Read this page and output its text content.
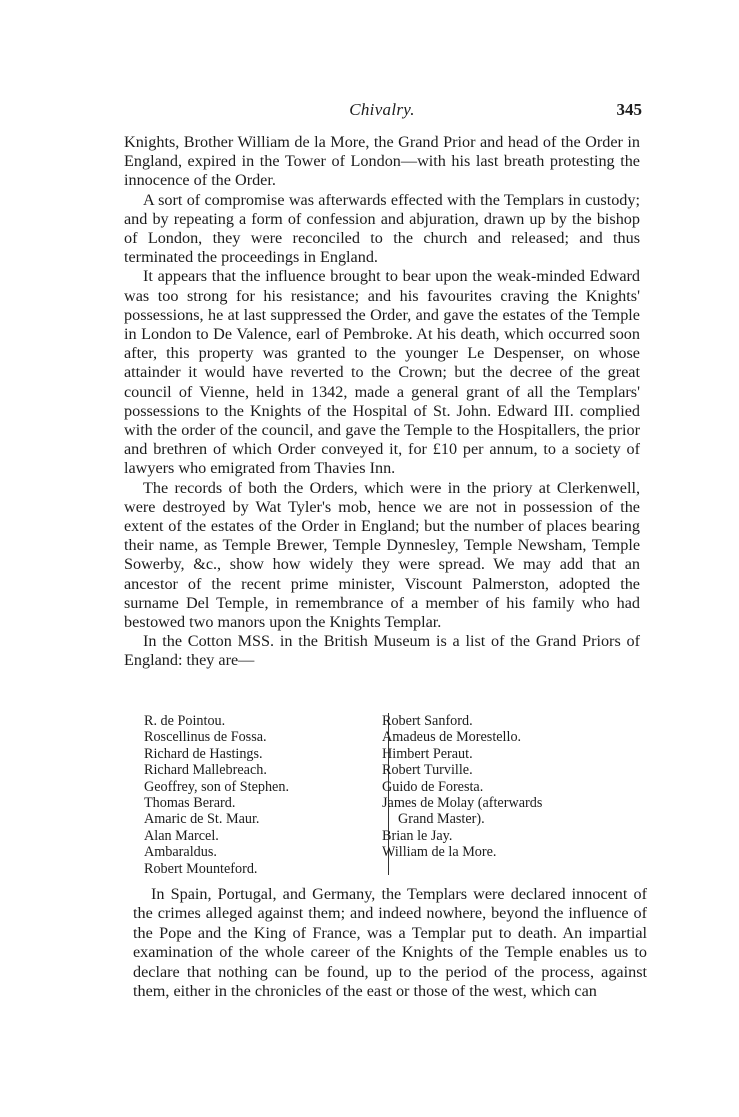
Chivalry.	345

Knights, Brother William de la More, the Grand Prior and head of the Order in England, expired in the Tower of London—with his last breath protesting the innocence of the Order.

A sort of compromise was afterwards effected with the Templars in custody; and by repeating a form of confession and abjuration, drawn up by the bishop of London, they were reconciled to the church and released; and thus terminated the proceedings in England.

It appears that the influence brought to bear upon the weak-minded Edward was too strong for his resistance; and his favourites craving the Knights' possessions, he at last suppressed the Order, and gave the estates of the Temple in London to De Valence, earl of Pembroke. At his death, which occurred soon after, this property was granted to the younger Le Despenser, on whose attainder it would have reverted to the Crown; but the decree of the great council of Vienne, held in 1342, made a general grant of all the Templars' possessions to the Knights of the Hospital of St. John. Edward III. complied with the order of the council, and gave the Temple to the Hospitallers, the prior and brethren of which Order conveyed it, for £10 per annum, to a society of lawyers who emigrated from Thavies Inn.

The records of both the Orders, which were in the priory at Clerkenwell, were destroyed by Wat Tyler's mob, hence we are not in possession of the extent of the estates of the Order in England; but the number of places bearing their name, as Temple Brewer, Temple Dynnesley, Temple Newsham, Temple Sowerby, &c., show how widely they were spread. We may add that an ancestor of the recent prime minister, Viscount Palmerston, adopted the surname Del Temple, in remembrance of a member of his family who had bestowed two manors upon the Knights Templar.

In the Cotton MSS. in the British Museum is a list of the Grand Priors of England: they are—

R. de Pointou.
Roscellinus de Fossa.
Richard de Hastings.
Richard Mallebreach.
Geoffrey, son of Stephen.
Thomas Berard.
Amaric de St. Maur.
Alan Marcel.
Ambaraldus.
Robert Mounteford.
Robert Sanford.
Amadeus de Morestello.
Himbert Peraut.
Robert Turville.
Guido de Foresta.
James de Molay (afterwards
Grand Master).
Brian le Jay.
William de la More.

In Spain, Portugal, and Germany, the Templars were declared innocent of the crimes alleged against them; and indeed nowhere, beyond the influence of the Pope and the King of France, was a Templar put to death. An impartial examination of the whole career of the Knights of the Temple enables us to declare that nothing can be found, up to the period of the process, against them, either in the chronicles of the east or those of the west, which can
